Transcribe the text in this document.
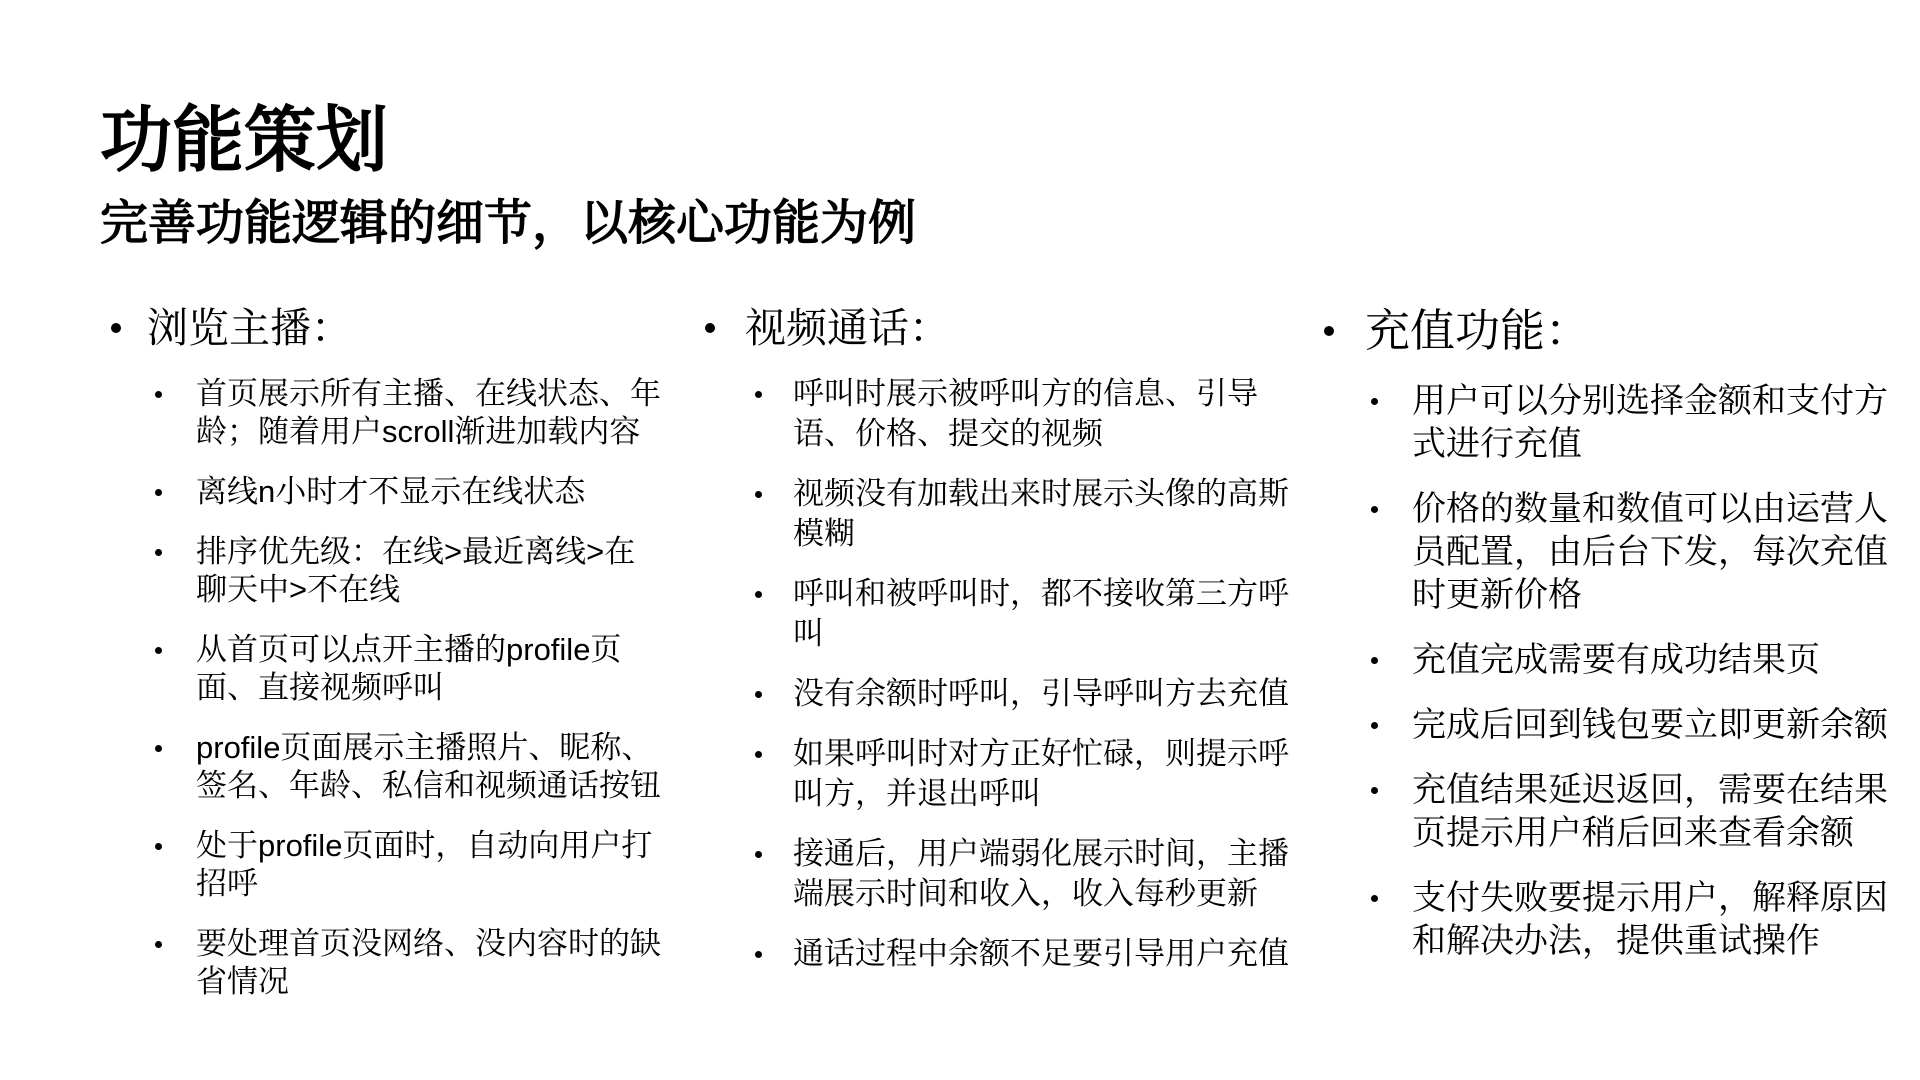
功能策划
完善功能逻辑的细节，以核心功能为例
浏览主播：
首页展示所有主播、在线状态、年
龄；随着用户scroll渐进加载内容
离线n小时才不显示在线状态
排序优先级：在线>最近离线>在
聊天中>不在线
从首页可以点开主播的profile页
面、直接视频呼叫
profile页面展示主播照片、昵称、
签名、年龄、私信和视频通话按钮
处于profile页面时，自动向用户打
招呼
要处理首页没网络、没内容时的缺
省情况
视频通话：
呼叫时展示被呼叫方的信息、引导
语、价格、提交的视频
视频没有加载出来时展示头像的高斯
模糊
呼叫和被呼叫时，都不接收第三方呼
叫
没有余额时呼叫，引导呼叫方去充值
如果呼叫时对方正好忙碌，则提示呼
叫方，并退出呼叫
接通后，用户端弱化展示时间，主播
端展示时间和收入，收入每秒更新
通话过程中余额不足要引导用户充值
充值功能：
用户可以分别选择金额和支付方
式进行充值
价格的数量和数值可以由运营人
员配置，由后台下发，每次充值
时更新价格
充值完成需要有成功结果页
完成后回到钱包要立即更新余额
充值结果延迟返回，需要在结果
页提示用户稍后回来查看余额
支付失败要提示用户，解释原因
和解决办法，提供重试操作
